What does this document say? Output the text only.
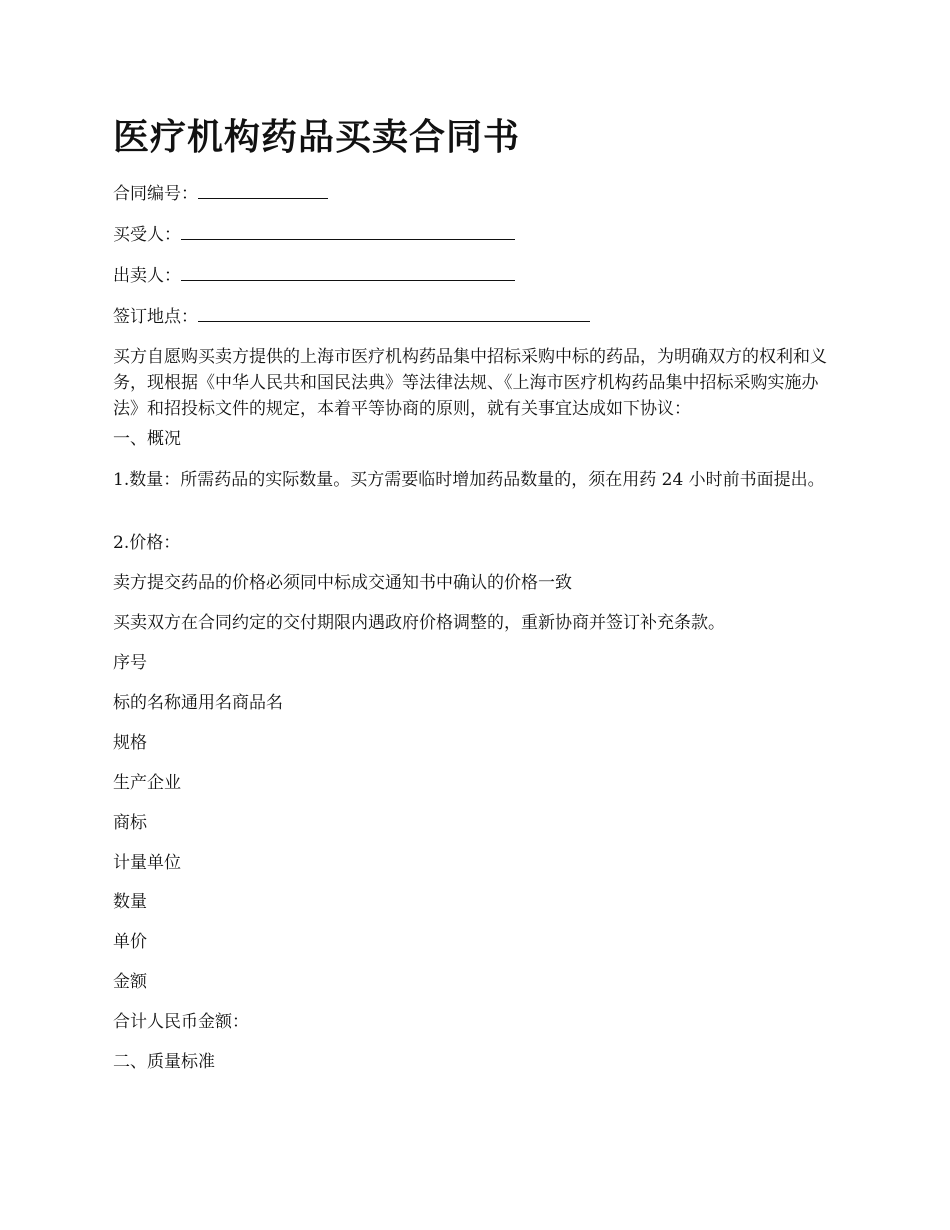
医疗机构药品买卖合同书

合同编号：

买受人：

出卖人：

签订地点：

买方自愿购买卖方提供的上海市医疗机构药品集中招标采购中标的药品，为明确双方的权利和义务，现根据《中华人民共和国民法典》等法律法规、《上海市医疗机构药品集中招标采购实施办法》和招投标文件的规定，本着平等协商的原则，就有关事宜达成如下协议：

一、概况

1.数量：所需药品的实际数量。买方需要临时增加药品数量的，须在用药 24 小时前书面提出。

2.价格：

卖方提交药品的价格必须同中标成交通知书中确认的价格一致

买卖双方在合同约定的交付期限内遇政府价格调整的，重新协商并签订补充条款。

序号

标的名称通用名商品名

规格

生产企业

商标

计量单位

数量

单价

金额

合计人民币金额：

二、质量标准
